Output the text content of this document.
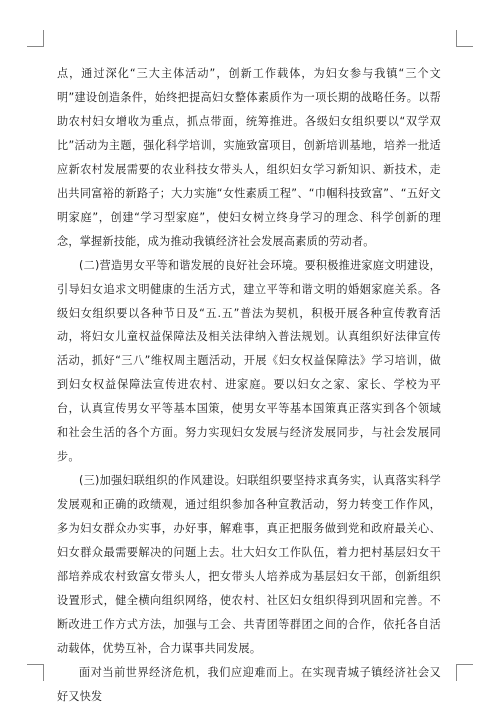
点，通过深化“三大主体活动”，创新工作载体，为妇女参与我镇“三个文明”建设创造条件，始终把提高妇女整体素质作为一项长期的战略任务。以帮助农村妇女增收为重点，抓点带面，统筹推进。各级妇女组织要以“双学双比”活动为主题，强化科学培训，实施致富项目，创新培训基地，培养一批适应新农村发展需要的农业科技女带头人，组织妇女学习新知识、新技术，走出共同富裕的新路子；大力实施“女性素质工程”、“巾帼科技致富”、“五好文明家庭”，创建“学习型家庭”，使妇女树立终身学习的理念、科学创新的理念，掌握新技能，成为推动我镇经济社会发展高素质的劳动者。

(二)营造男女平等和谐发展的良好社会环境。要积极推进家庭文明建设，引导妇女追求文明健康的生活方式，建立平等和谐文明的婚姻家庭关系。各级妇女组织要以各种节日及“五.五”普法为契机，积极开展各种宣传教育活动，将妇女儿童权益保障法及相关法律纳入普法规划。认真组织好法律宣传活动，抓好“三八”维权周主题活动，开展《妇女权益保障法》学习培训，做到妇女权益保障法宣传进农村、进家庭。要以妇女之家、家长、学校为平台，认真宣传男女平等基本国策，使男女平等基本国策真正落实到各个领域和社会生活的各个方面。努力实现妇女发展与经济发展同步，与社会发展同步。

(三)加强妇联组织的作风建设。妇联组织要坚持求真务实，认真落实科学发展观和正确的政绩观，通过组织参加各种宣教活动，努力转变工作作风，多为妇女群众办实事，办好事，解难事，真正把服务做到党和政府最关心、妇女群众最需要解决的问题上去。壮大妇女工作队伍，着力把村基层妇女干部培养成农村致富女带头人，把女带头人培养成为基层妇女干部，创新组织设置形式，健全横向组织网络，使农村、社区妇女组织得到巩固和完善。不断改进工作方式方法，加强与工会、共青团等群团之间的合作，依托各自活动载体，优势互补，合力谋事共同发展。

面对当前世界经济危机，我们应迎难而上。在实现青城子镇经济社会又好又快发
